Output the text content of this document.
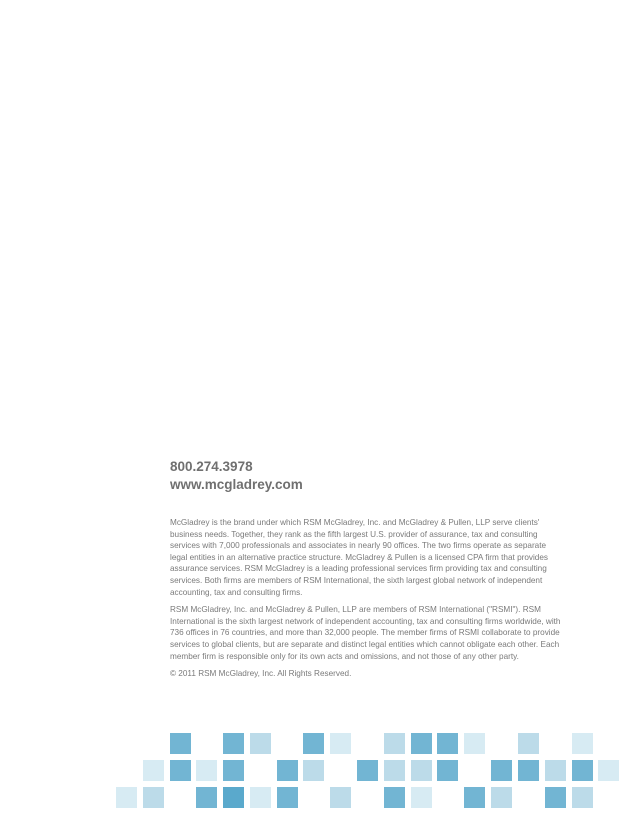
800.274.3978
www.mcgladrey.com

McGladrey is the brand under which RSM McGladrey, Inc. and McGladrey & Pullen, LLP serve clients' business needs. Together, they rank as the fifth largest U.S. provider of assurance, tax and consulting services with 7,000 professionals and associates in nearly 90 offices. The two firms operate as separate legal entities in an alternative practice structure. McGladrey & Pullen is a licensed CPA firm that provides assurance services. RSM McGladrey is a leading professional services firm providing tax and consulting services. Both firms are members of RSM International, the sixth largest global network of independent accounting, tax and consulting firms.

RSM McGladrey, Inc. and McGladrey & Pullen, LLP are members of RSM International ("RSMI"). RSM International is the sixth largest network of independent accounting, tax and consulting firms worldwide, with 736 offices in 76 countries, and more than 32,000 people. The member firms of RSMI collaborate to provide services to global clients, but are separate and distinct legal entities which cannot obligate each other. Each member firm is responsible only for its own acts and omissions, and not those of any other party.

© 2011 RSM McGladrey, Inc. All Rights Reserved.
